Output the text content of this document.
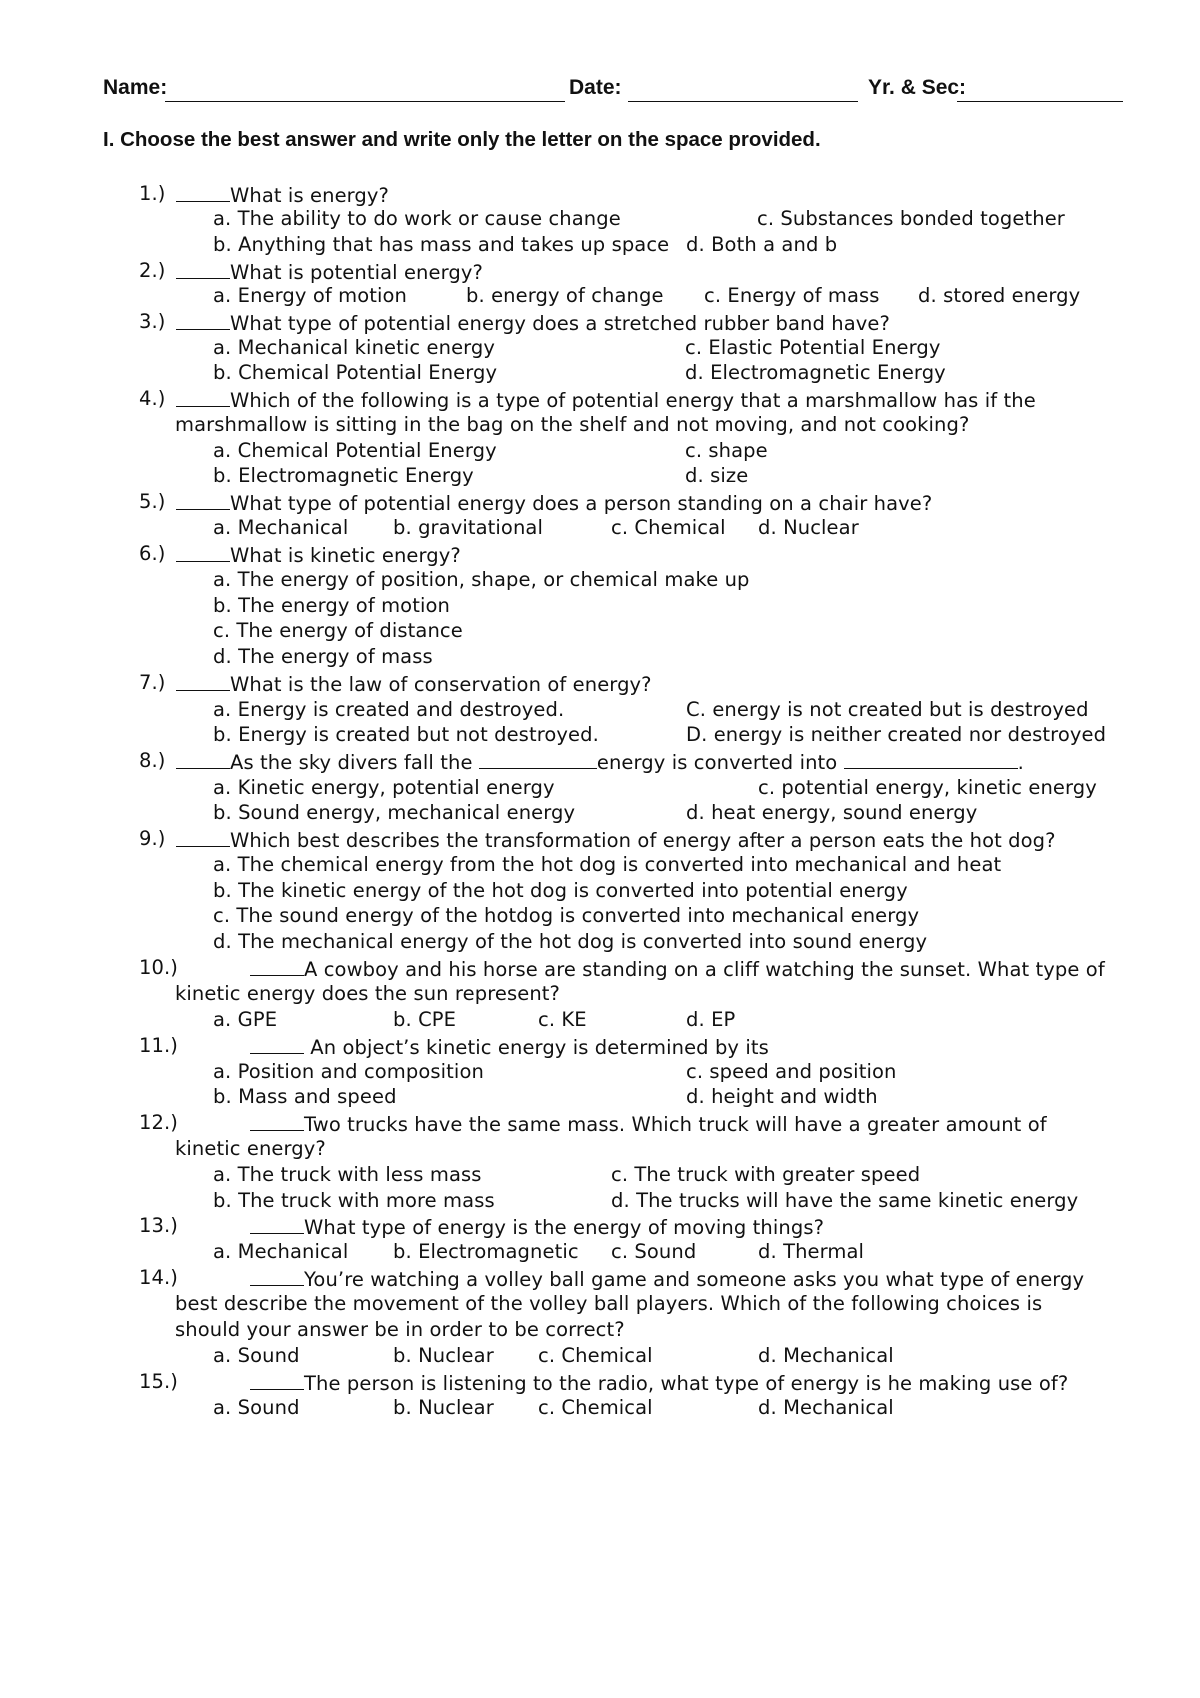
Name:	Date:	Yr. & Sec:
I. Choose the best answer and write only the letter on the space provided.
1.)	What is energy?
a. The ability to do work or cause change	c. Substances bonded together
b. Anything that has mass and takes up space d. Both a and b
2.)	What is potential energy?
a. Energy of motion	b. energy of change c. Energy of mass d. stored energy
3.)	What type of potential energy does a stretched rubber band have?
a. Mechanical kinetic energy	c. Elastic Potential Energy
b. Chemical Potential Energy	d. Electromagnetic Energy
4.)	Which of the following is a type of potential energy that a marshmallow has if the
marshmallow is sitting in the bag on the shelf and not moving, and not cooking?
a. Chemical Potential Energy	c. shape
b. Electromagnetic Energy	d. size
5.)	What type of potential energy does a person standing on a chair have?
a. Mechanical b. gravitational	c. Chemical d. Nuclear
6.)	What is kinetic energy?
a. The energy of position, shape, or chemical make up
b. The energy of motion
c. The energy of distance
d. The energy of mass
7.)	What is the law of conservation of energy?
a. Energy is created and destroyed.	C. energy is not created but is destroyed
b. Energy is created but not destroyed.	D. energy is neither created nor destroyed
8.)	As the sky divers fall the	energy is converted into	.
a. Kinetic energy, potential energy	c. potential energy, kinetic energy
b. Sound energy, mechanical energy	d. heat energy, sound energy
9.)	Which best describes the transformation of energy after a person eats the hot dog?
a. The chemical energy from the hot dog is converted into mechanical and heat
b. The kinetic energy of the hot dog is converted into potential energy
c. The sound energy of the hotdog is converted into mechanical energy
d. The mechanical energy of the hot dog is converted into sound energy
10.)	A cowboy and his horse are standing on a cliff watching the sunset. What type of
kinetic energy does the sun represent?
a. GPE	b. CPE	c. KE	d. EP
11.)	An object’s kinetic energy is determined by its
a. Position and composition	c. speed and position
b. Mass and speed	d. height and width
12.)	Two trucks have the same mass. Which truck will have a greater amount of
kinetic energy?
a. The truck with less mass	c. The truck with greater speed
b. The truck with more mass	d. The trucks will have the same kinetic energy
13.)	What type of energy is the energy of moving things?
a. Mechanical b. Electromagnetic c. Sound	d. Thermal
14.)	You’re watching a volley ball game and someone asks you what type of energy
best describe the movement of the volley ball players. Which of the following choices is
should your answer be in order to be correct?
a. Sound	b. Nuclear c. Chemical	d. Mechanical
15.)	The person is listening to the radio, what type of energy is he making use of?
a. Sound	b. Nuclear c. Chemical	d. Mechanical
